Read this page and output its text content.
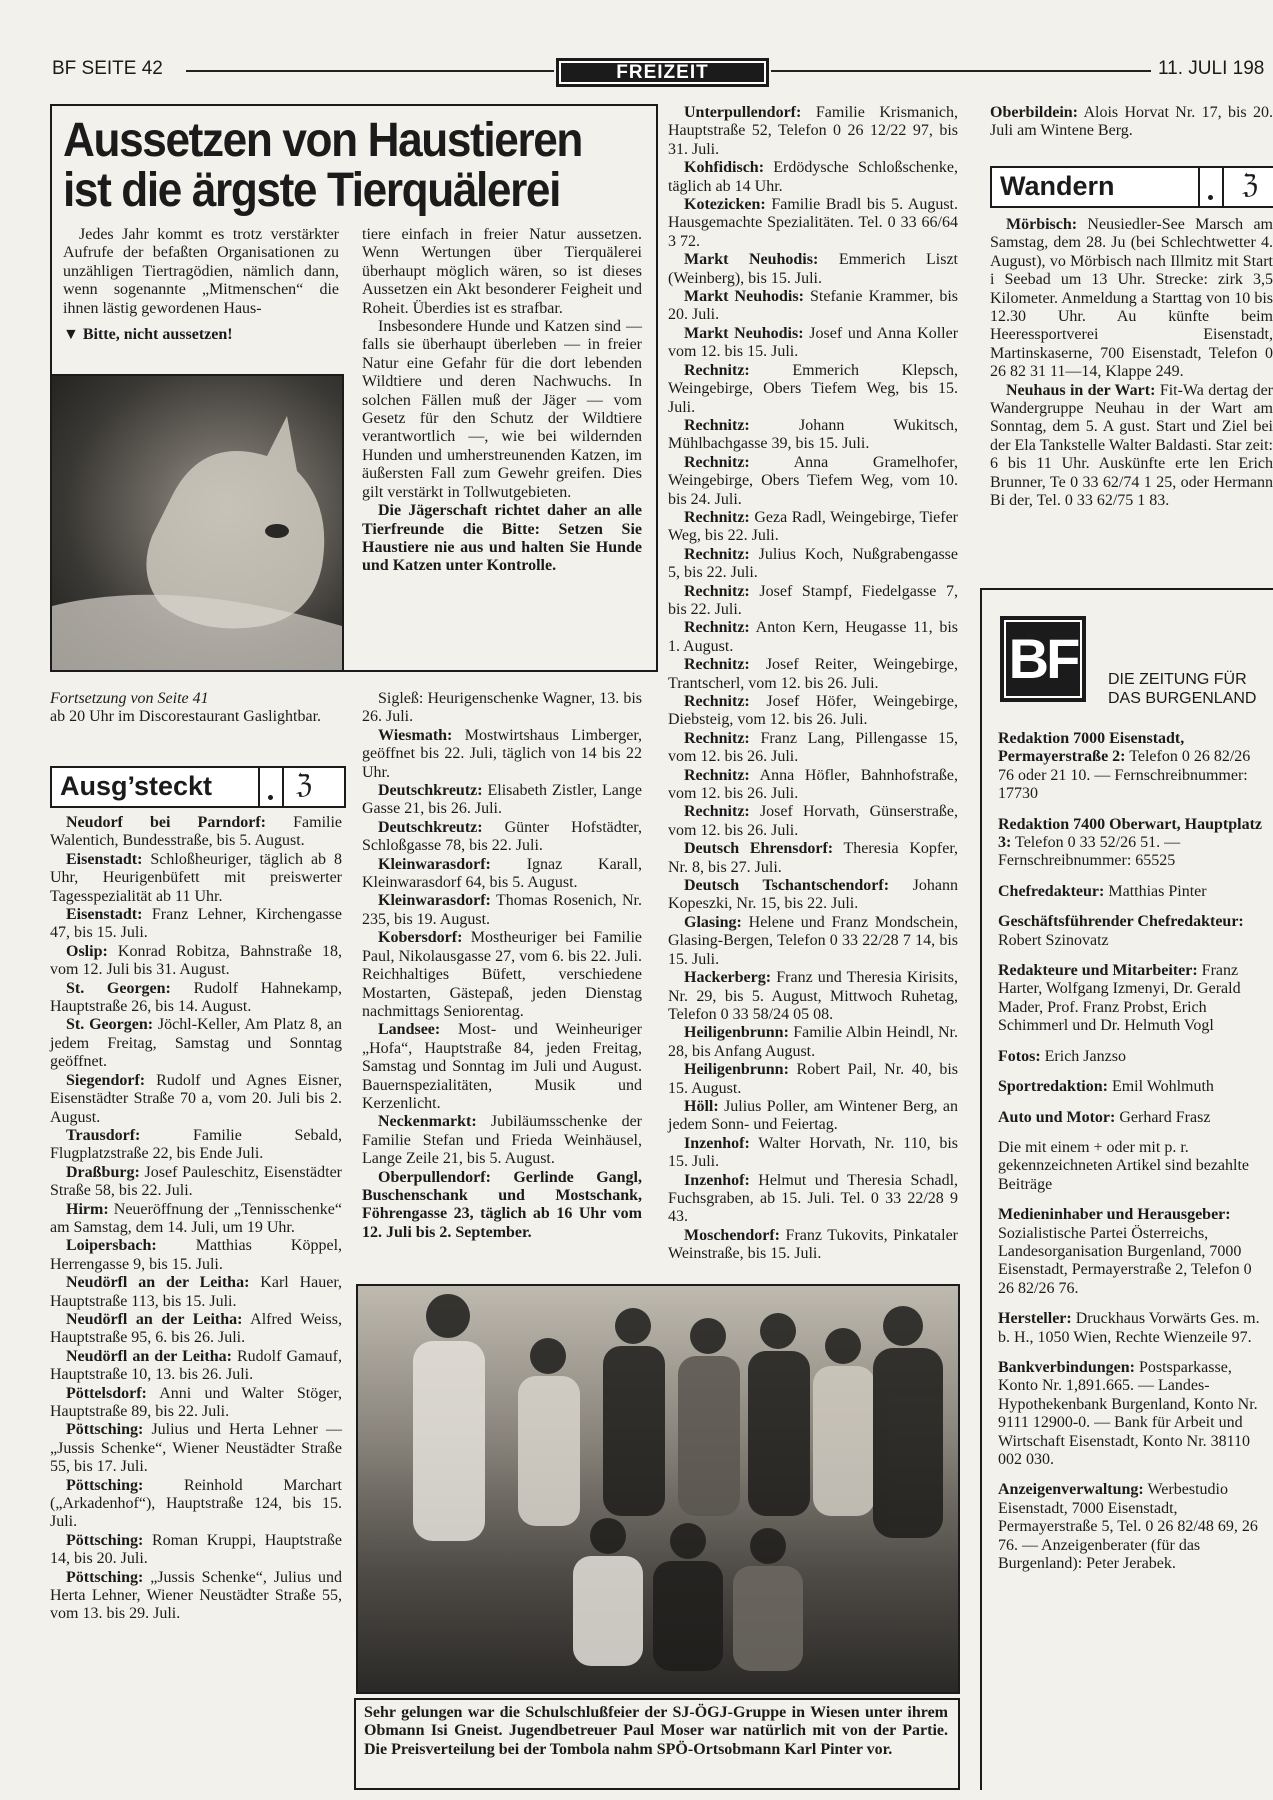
BF SEITE 42	FREIZEIT	11. JULI 198
Aussetzen von Haustieren
ist die ärgste Tierquälerei

Jedes Jahr kommt es trotz verstärkter Aufrufe der befaßten Organisationen zu unzähligen Tiertragödien, nämlich dann, wenn sogenannte „Mitmenschen“ die ihnen lästig gewordenen Haus-

▼ Bitte, nicht aussetzen!

tiere einfach in freier Natur aussetzen. Wenn Wertungen über Tierquälerei überhaupt möglich wären, so ist dieses Aussetzen ein Akt besonderer Feigheit und Roheit. Überdies ist es strafbar.

Insbesondere Hunde und Katzen sind — falls sie überhaupt überleben — in freier Natur eine Gefahr für die dort lebenden Wildtiere und deren Nachwuchs. In solchen Fällen muß der Jäger — vom Gesetz für den Schutz der Wildtiere verantwortlich —, wie bei wildernden Hunden und umherstreunenden Katzen, im äußersten Fall zum Gewehr greifen. Dies gilt verstärkt in Tollwutgebieten.

Die Jägerschaft richtet daher an alle Tierfreunde die Bitte: Setzen Sie Haustiere nie aus und halten Sie Hunde und Katzen unter Kontrolle.

Fortsetzung von Seite 41

ab 20 Uhr im Discorestaurant Gaslightbar.

Ausg’steckt	ℨ

Neudorf bei Parndorf: Familie Walentich, Bundesstraße, bis 5. August.

Eisenstadt: Schloßheuriger, täglich ab 8 Uhr, Heurigenbüfett mit preiswerter Tagesspezialität ab 11 Uhr.

Eisenstadt: Franz Lehner, Kirchengasse 47, bis 15. Juli.

Oslip: Konrad Robitza, Bahnstraße 18, vom 12. Juli bis 31. August.

St. Georgen: Rudolf Hahnekamp, Hauptstraße 26, bis 14. August.

St. Georgen: Jöchl-Keller, Am Platz 8, an jedem Freitag, Samstag und Sonntag geöffnet.

Siegendorf: Rudolf und Agnes Eisner, Eisenstädter Straße 70 a, vom 20. Juli bis 2. August.

Trausdorf:	Familie Sebald, Flugplatzstraße 22, bis Ende Juli.

Draßburg: Josef Pauleschitz, Eisenstädter Straße 58, bis 22. Juli.

Hirm: Neueröffnung der „Tennisschenke“ am Samstag, dem 14. Juli, um 19 Uhr.

Loipersbach: Matthias Köppel, Herrengasse 9, bis 15. Juli.

Neudörfl an der Leitha: Karl Hauer, Hauptstraße 113, bis 15. Juli.

Neudörfl an der Leitha: Alfred Weiss, Hauptstraße 95, 6. bis 26. Juli.

Neudörfl an der Leitha: Rudolf Gamauf, Hauptstraße 10, 13. bis 26. Juli.

Pöttelsdorf: Anni und Walter Stöger, Hauptstraße 89, bis 22. Juli.

Pöttsching: Julius und Herta Lehner — „Jussis Schenke“, Wiener Neustädter Straße 55, bis 17. Juli.

Pöttsching:	Reinhold Marchart („Arkadenhof“), Hauptstraße 124, bis 15. Juli.

Pöttsching: Roman Kruppi, Hauptstraße 14, bis 20. Juli.

Pöttsching: „Jussis Schenke“, Julius und Herta Lehner, Wiener Neustädter Straße 55, vom 13. bis 29. Juli.

Sigleß: Heurigenschenke Wagner, 13. bis 26. Juli.

Wiesmath: Mostwirtshaus Limberger, geöffnet bis 22. Juli, täglich von 14 bis 22 Uhr.

Deutschkreutz: Elisabeth Zistler, Lange Gasse 21, bis 26. Juli.

Deutschkreutz: Günter Hofstädter, Schloßgasse 78, bis 22. Juli.

Kleinwarasdorf: Ignaz Karall, Kleinwarasdorf 64, bis 5. August.

Kleinwarasdorf: Thomas Rosenich, Nr. 235, bis 19. August.

Kobersdorf: Mostheuriger bei Familie Paul, Nikolausgasse 27, vom 6. bis 22. Juli. Reichhaltiges Büfett, verschiedene Mostarten, Gästepaß, jeden Dienstag nachmittags Seniorentag.

Landsee: Most- und Weinheuriger „Hofa“, Hauptstraße 84, jeden Freitag, Samstag und Sonntag im Juli und August. Bauernspezialitäten, Musik und Kerzenlicht.

Neckenmarkt: Jubiläumsschenke der Familie Stefan und Frieda Weinhäusel, Lange Zeile 21, bis 5. August.

Oberpullendorf: Gerlinde Gangl, Buschenschank und Mostschank, Föhrengasse 23, täglich ab 16 Uhr vom 12. Juli bis 2. September.

Unterpullendorf: Familie Krismanich, Hauptstraße 52, Telefon 0 26 12/22 97, bis 31. Juli.

Kohfidisch: Erdödysche Schloßschenke, täglich ab 14 Uhr.

Kotezicken: Familie Bradl bis 5. August. Hausgemachte Spezialitäten. Tel. 0 33 66/64 3 72.

Markt Neuhodis: Emmerich Liszt (Weinberg), bis 15. Juli.

Markt Neuhodis: Stefanie Krammer, bis 20. Juli.

Markt Neuhodis: Josef und Anna Koller vom 12. bis 15. Juli.

Rechnitz:	Emmerich Klepsch, Weingebirge, Obers Tiefem Weg, bis 15. Juli.

Rechnitz:	Johann Wukitsch, Mühlbachgasse 39, bis 15. Juli.

Rechnitz:	Anna Gramelhofer, Weingebirge, Obers Tiefem Weg, vom 10. bis 24. Juli.

Rechnitz: Geza Radl, Weingebirge, Tiefer Weg, bis 22. Juli.

Rechnitz: Julius Koch, Nußgrabengasse 5, bis 22. Juli.

Rechnitz: Josef Stampf, Fiedelgasse 7, bis 22. Juli.

Rechnitz: Anton Kern, Heugasse 11, bis 1. August.

Rechnitz: Josef Reiter, Weingebirge, Trantscherl, vom 12. bis 26. Juli.

Rechnitz: Josef Höfer, Weingebirge, Diebsteig, vom 12. bis 26. Juli.

Rechnitz: Franz Lang, Pillengasse 15, vom 12. bis 26. Juli.

Rechnitz: Anna Höfler, Bahnhofstraße, vom 12. bis 26. Juli.

Rechnitz: Josef Horvath, Günserstraße, vom 12. bis 26. Juli.

Deutsch Ehrensdorf: Theresia Kopfer, Nr. 8, bis 27. Juli.

Deutsch Tschantschendorf: Johann Kopeszki, Nr. 15, bis 22. Juli.

Glasing: Helene und Franz Mondschein, Glasing-Bergen, Telefon 0 33 22/28 7 14, bis 15. Juli.

Hackerberg: Franz und Theresia Kirisits, Nr. 29, bis 5. August, Mittwoch Ruhetag, Telefon 0 33 58/24 05 08.

Heiligenbrunn: Familie Albin Heindl, Nr. 28, bis Anfang August.

Heiligenbrunn: Robert Pail, Nr. 40, bis 15. August.

Höll: Julius Poller, am Wintener Berg, an jedem Sonn- und Feiertag.

Inzenhof: Walter Horvath, Nr. 110, bis 15. Juli.

Inzenhof: Helmut und Theresia Schadl, Fuchsgraben, ab 15. Juli. Tel. 0 33 22/28 9 43.

Moschendorf: Franz Tukovits, Pinkataler Weinstraße, bis 15. Juli.

Oberbildein: Alois Horvat Nr. 17, bis 20. Juli am Wintene Berg.

Wandern	ℨ

Mörbisch: Neusiedler-See Marsch am Samstag, dem 28. Ju (bei Schlechtwetter 4. August), vo Mörbisch nach Illmitz mit Start i Seebad um 13 Uhr. Strecke: zirk 3,5 Kilometer. Anmeldung a Starttag von 10 bis 12.30 Uhr. Au künfte beim Heeressportverei Eisenstadt, Martinskaserne, 700 Eisenstadt, Telefon 0 26 82 31 11—14, Klappe 249.

Neuhaus in der Wart: Fit-Wa dertag der Wandergruppe Neuhau in der Wart am Sonntag, dem 5. A gust. Start und Ziel bei der Ela Tankstelle Walter Baldasti. Star zeit: 6 bis 11 Uhr. Auskünfte erte len Erich Brunner, Te 0 33 62/74 1 25, oder Hermann Bi der, Tel. 0 33 62/75 1 83.

BF	DIE ZEITUNG FÜR
DAS BURGENLAND

Redaktion 7000 Eisenstadt, Permayerstraße 2: Telefon 0 26 82/26 76 oder 21 10. — Fernschreibnummer: 17730

Redaktion 7400 Oberwart, Hauptplatz 3: Telefon 0 33 52/26 51. — Fernschreibnummer: 65525

Chefredakteur: Matthias Pinter

Geschäftsführender Chefredakteur: Robert Szinovatz

Redakteure und Mitarbeiter: Franz Harter, Wolfgang Izmenyi, Dr. Gerald Mader, Prof. Franz Probst, Erich Schimmerl und Dr. Helmuth Vogl

Fotos: Erich Janzso

Sportredaktion: Emil Wohlmuth

Auto und Motor: Gerhard Frasz

Die mit einem + oder mit p. r. gekennzeichneten Artikel sind bezahlte Beiträge

Medieninhaber und Herausgeber: Sozialistische Partei Österreichs, Landesorganisation Burgenland, 7000 Eisenstadt, Permayerstraße 2, Telefon 0 26 82/26 76.

Hersteller: Druckhaus Vorwärts Ges. m. b. H., 1050 Wien, Rechte Wienzeile 97.

Bankverbindungen: Postsparkasse, Konto Nr. 1,891.665. — Landes-Hypothekenbank Burgenland, Konto Nr. 9111 12900-0. — Bank für Arbeit und Wirtschaft Eisenstadt, Konto Nr. 38110 002 030.

Anzeigenverwaltung: Werbestudio Eisenstadt, 7000 Eisenstadt, Permayerstraße 5, Tel. 0 26 82/48 69, 26 76. — Anzeigenberater (für das Burgenland): Peter Jerabek.

Sehr gelungen war die Schulschlußfeier der SJ-ÖGJ-Gruppe in Wiesen unter ihrem Obmann Isi Gneist. Jugendbetreuer Paul Moser war natürlich mit von der Partie. Die Preisverteilung bei der Tombola nahm SPÖ-Ortsobmann Karl Pinter vor.
